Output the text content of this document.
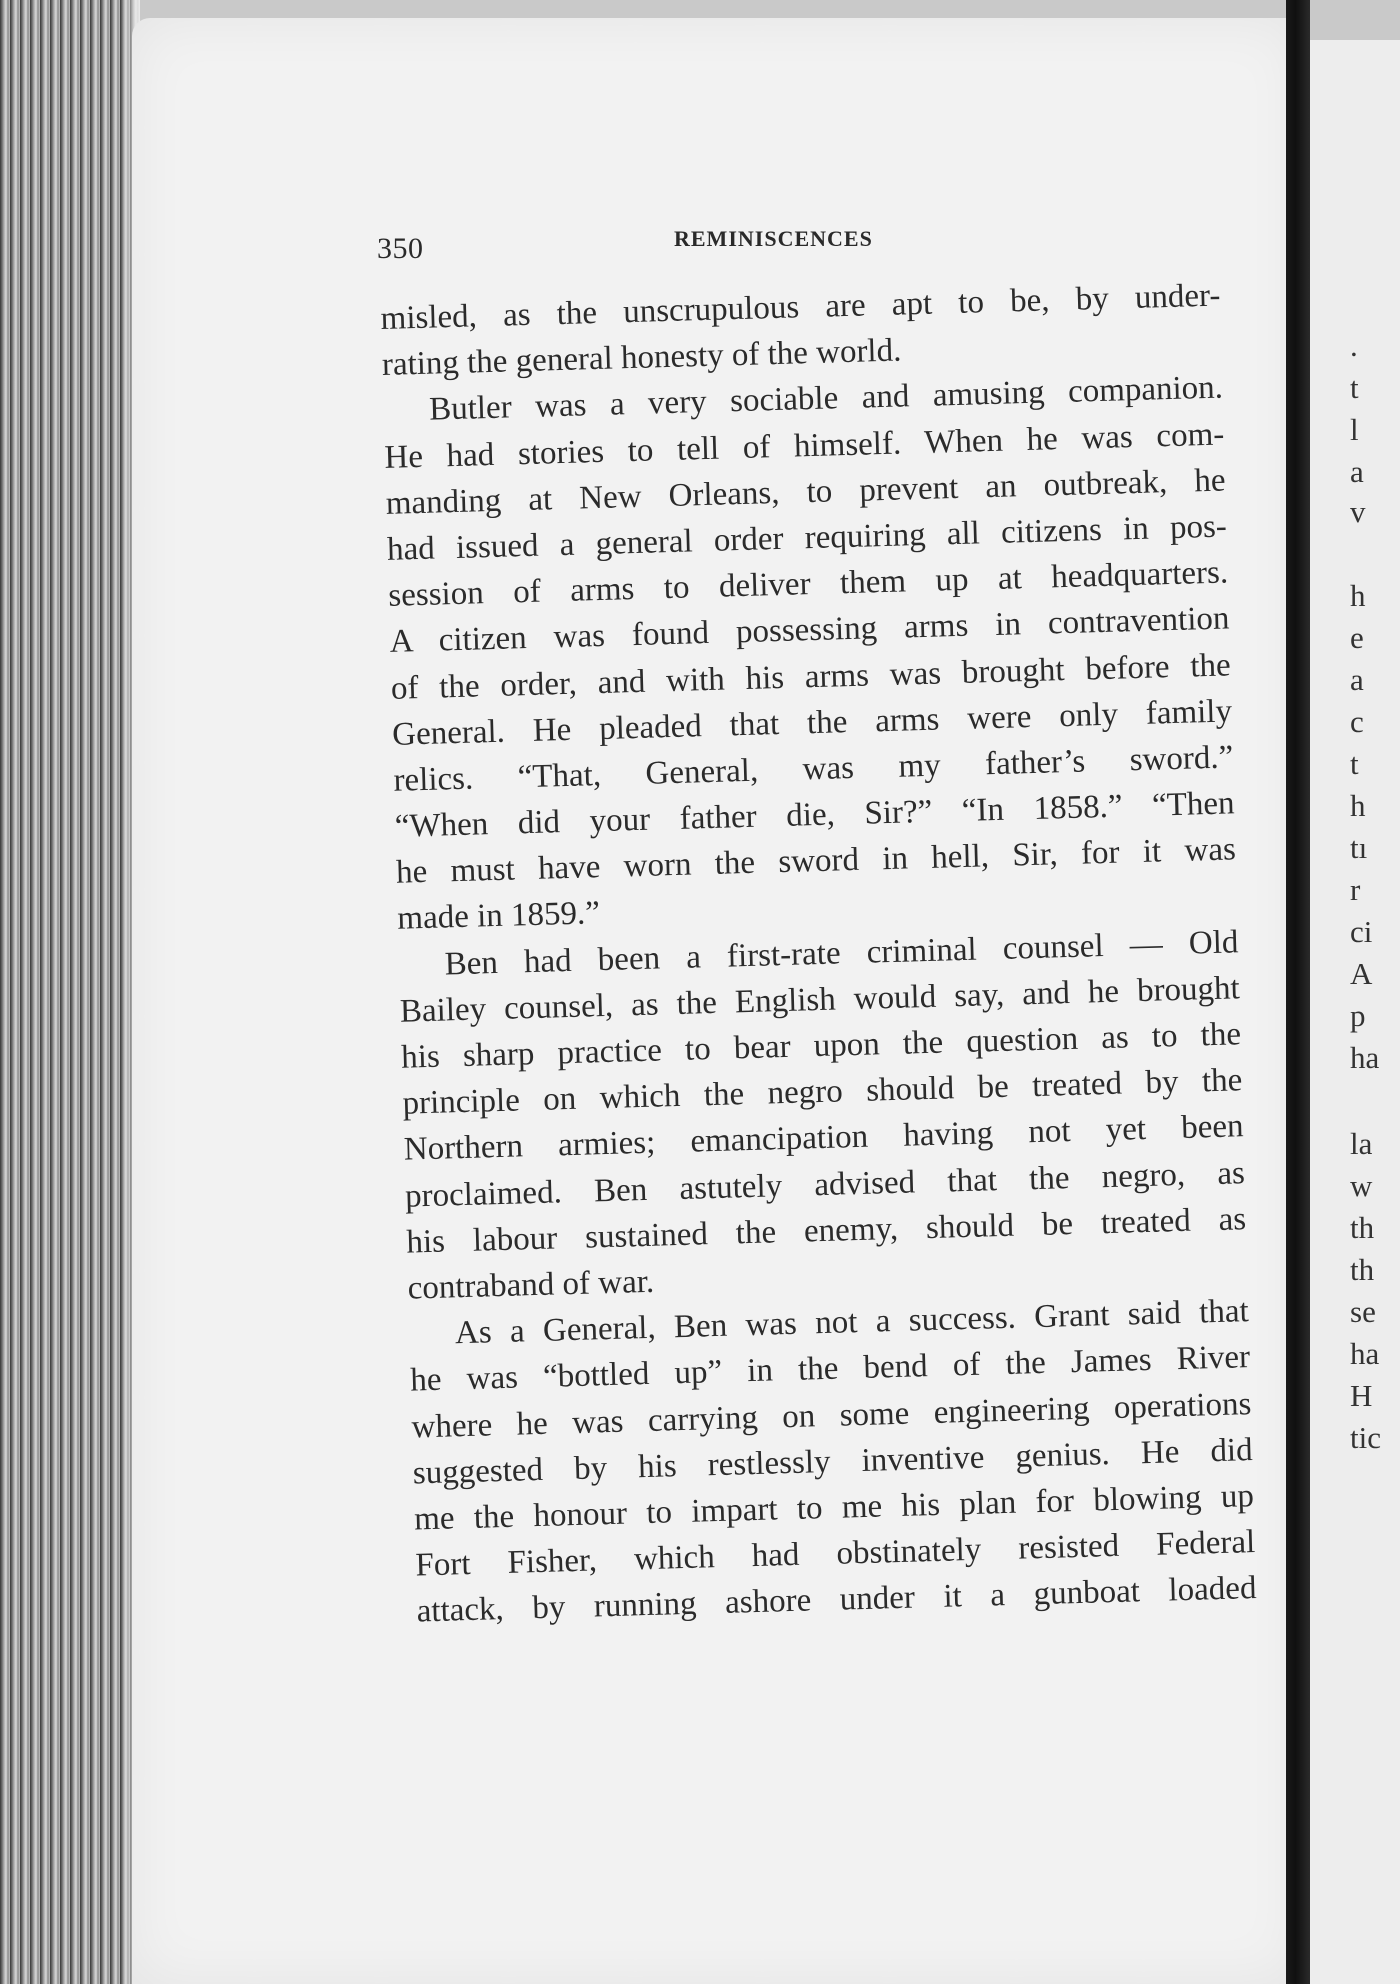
.
t
l
a
v
h
e
a
c
t
h
tı
r
ci
A
p
ha
la
w
th
th
se
ha
H
tic
350	REMINISCENCES
misled, as the unscrupulous are apt to be, by under-
rating the general honesty of the world.
Butler was a very sociable and amusing companion.
He had stories to tell of himself. When he was com-
manding at New Orleans, to prevent an outbreak, he
had issued a general order requiring all citizens in pos-
session of arms to deliver them up at headquarters.
A citizen was found possessing arms in contravention
of the order, and with his arms was brought before the
General. He pleaded that the arms were only family
relics. “That, General, was my father’s sword.”
“When did your father die, Sir?” “In 1858.” “Then
he must have worn the sword in hell, Sir, for it was
made in 1859.”
Ben had been a first-rate criminal counsel — Old
Bailey counsel, as the English would say, and he brought
his sharp practice to bear upon the question as to the
principle on which the negro should be treated by the
Northern armies; emancipation having not yet been
proclaimed. Ben astutely advised that the negro, as
his labour sustained the enemy, should be treated as
contraband of war.
As a General, Ben was not a success. Grant said that
he was “bottled up” in the bend of the James River
where he was carrying on some engineering operations
suggested by his restlessly inventive genius. He did
me the honour to impart to me his plan for blowing up
Fort Fisher, which had obstinately resisted Federal
attack, by running ashore under it a gunboat loaded
